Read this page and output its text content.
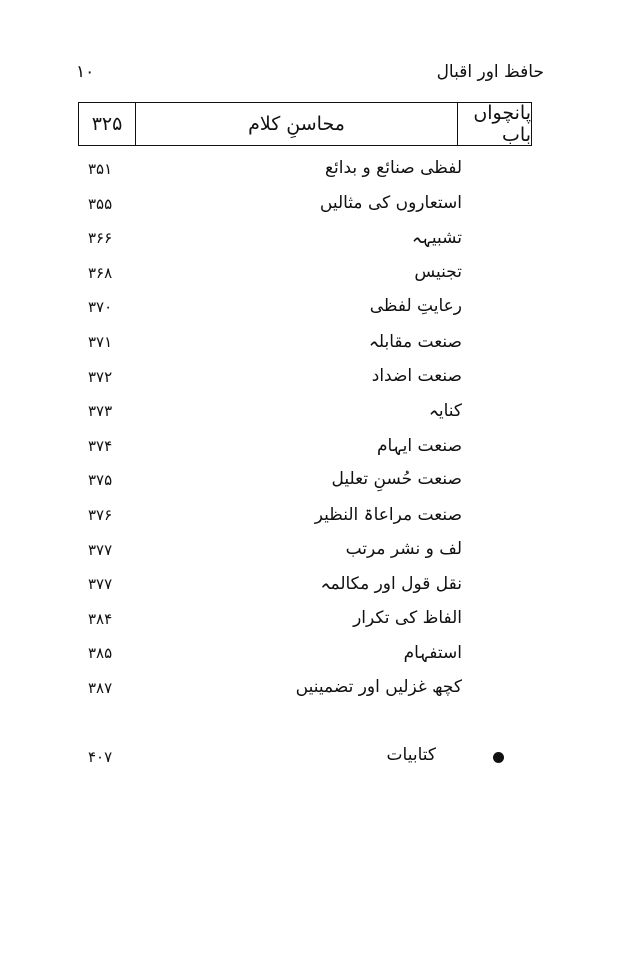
حافظ اور اقبال
۱۰
پانچواں باب
محاسنِ کلام
۳۲۵
لفظی صنائع و بدائع
۳۵۱
استعاروں کی مثالیں
۳۵۵
تشبیہہ
۳۶۶
تجنیس
۳۶۸
رعایتِ لفظی
۳۷۰
صنعت مقابلہ
۳۷۱
صنعت اضداد
۳۷۲
کنایہ
۳۷۳
صنعت ایہام
۳۷۴
صنعت حُسنِ تعلیل
۳۷۵
صنعت مراعاۃ النظیر
۳۷۶
لف و نشر مرتب
۳۷۷
نقل قول اور مکالمہ
۳۷۷
الفاظ کی تکرار
۳۸۴
استفہام
۳۸۵
کچھ غزلیں اور تضمینیں
۳۸۷
کتابیات
۴۰۷
